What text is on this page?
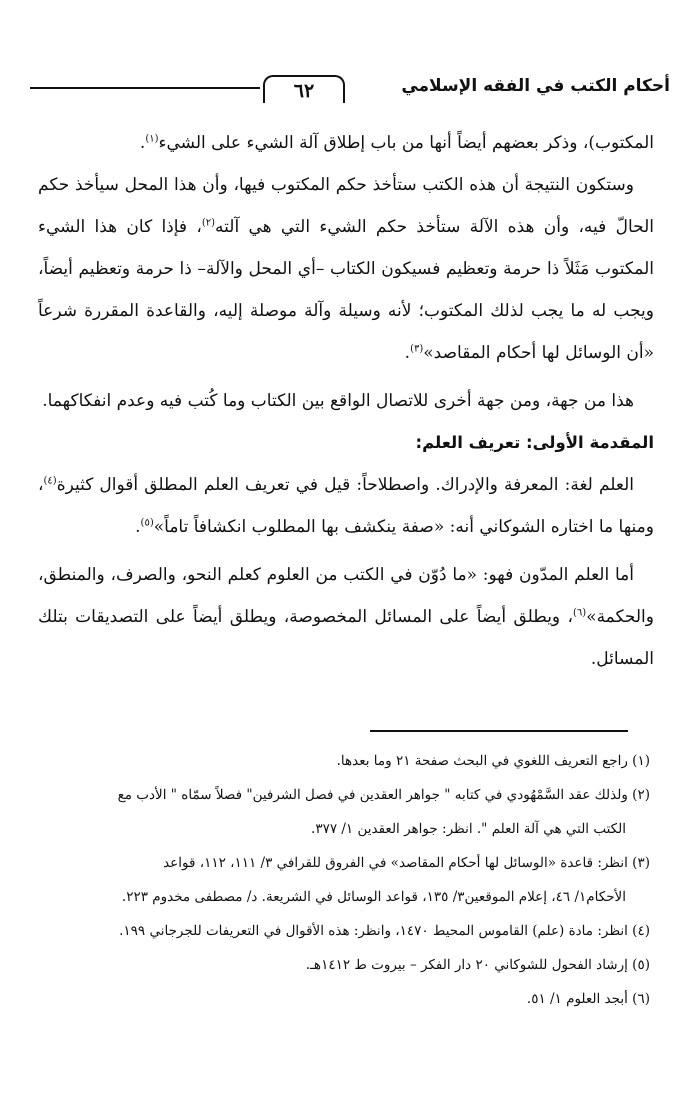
أحكام الكتب في الفقه الإسلامي
٦٢

المكتوب)، وذكر بعضهم أيضاً أنها من باب إطلاق آلة الشيء على الشيء$^{(١)}$.

وستكون النتيجة أن هذه الكتب ستأخذ حكم المكتوب فيها، وأن هذا المحل سيأخذ حكم الحالّ فيه، وأن هذه الآلة ستأخذ حكم الشيء التي هي آلته$^{(٢)}$، فإذا كان هذا الشيء المكتوب مَثَلاً ذا حرمة وتعظيم فسيكون الكتاب –أي المحل والآلة– ذا حرمة وتعظيم أيضاً، ويجب له ما يجب لذلك المكتوب؛ لأنه وسيلة وآلة موصلة إليه، والقاعدة المقررة شرعاً «أن الوسائل لها أحكام المقاصد»$^{(٣)}$.

هذا من جهة، ومن جهة أخرى للاتصال الواقع بين الكتاب وما كُتب فيه وعدم انفكاكهما.

المقدمة الأولى: تعريف العلم:

العلم لغة: المعرفة والإدراك. واصطلاحاً: قيل في تعريف العلم المطلق أقوال كثيرة$^{(٤)}$، ومنها ما اختاره الشوكاني أنه: «صفة ينكشف بها المطلوب انكشافاً تاماً»$^{(٥)}$.

أما العلم المدّون فهو: «ما دُوّن في الكتب من العلوم كعلم النحو، والصرف، والمنطق، والحكمة»$^{(٦)}$، ويطلق أيضاً على المسائل المخصوصة، ويطلق أيضاً على التصديقات بتلك المسائل.

(١) راجع التعريف اللغوي في البحث صفحة ٢١ وما بعدها.

(٢) ولذلك عقد السَّمْهُودي في كتابه " جواهر العقدين في فصل الشرفين" فصلاً سمّاه " الأدب مع

الكتب التي هي آلة العلم ". انظر: جواهر العقدين ١/ ٣٧٧.

(٣) انظر: قاعدة «الوسائل لها أحكام المقاصد» في الفروق للقرافي ٣/ ١١١، ١١٢، قواعد

الأحكام١/ ٤٦، إعلام الموقعين٣/ ١٣٥، قواعد الوسائل في الشريعة. د/ مصطفى مخدوم ٢٢٣.

(٤) انظر: مادة (علم) القاموس المحيط ١٤٧٠، وانظر: هذه الأقوال في التعريفات للجرجاني ١٩٩.

(٥) إرشاد الفحول للشوكاني ٢٠ دار الفكر – بيروت ط ١٤١٢هـ.

(٦) أبجد العلوم ١/ ٥١.
